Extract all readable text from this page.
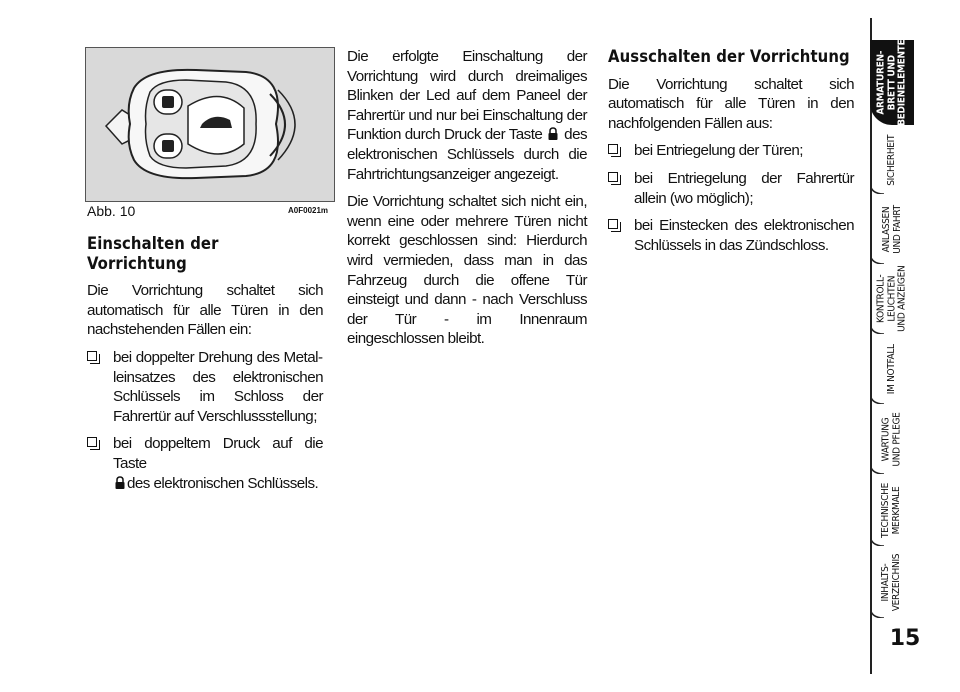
Abb. 10	A0F0021m
Einschalten der Vorrichtung

Die Vorrichtung schaltet sich automatisch für alle Türen in den nachstehenden Fällen ein:

bei doppelter Drehung des Metalleinsatzes des elektronischen Schlüssels im Schloss der Fahrertür auf Verschlussstellung;
bei doppeltem Druck auf die Taste
des elektronischen Schlüssels.

Die erfolgte Einschaltung der Vorrichtung wird durch dreimaliges Blinken der Led auf dem Paneel der Fahrertür und nur bei Einschaltung der Funktion durch Druck der Taste des elektronischen Schlüssels durch die Fahrtrichtungsanzeiger angezeigt.

Die Vorrichtung schaltet sich nicht ein, wenn eine oder mehrere Türen nicht korrekt geschlossen sind: Hierdurch wird vermieden, dass man in das Fahrzeug durch die offene Tür einsteigt und dann - nach Verschluss der Tür - im Innenraum eingeschlossen bleibt.

Ausschalten der Vorrichtung

Die Vorrichtung schaltet sich automatisch für alle Türen in den nachfolgenden Fällen aus:

bei Entriegelung der Türen;
bei Entriegelung der Fahrertür allein (wo möglich);
bei Einstecken des elektronischen Schlüssels in das Zündschloss.
ARMATUREN-
BRETT UND
BEDIENELEMENTE
SICHERHEIT
ANLASSEN
UND FAHRT
KONTROLL-
LEUCHTEN
UND ANZEIGEN
IM NOTFALL
WARTUNG
UND PFLEGE
TECHNISCHE
MERKMALE
INHALTS-
VERZEICHNIS
15
